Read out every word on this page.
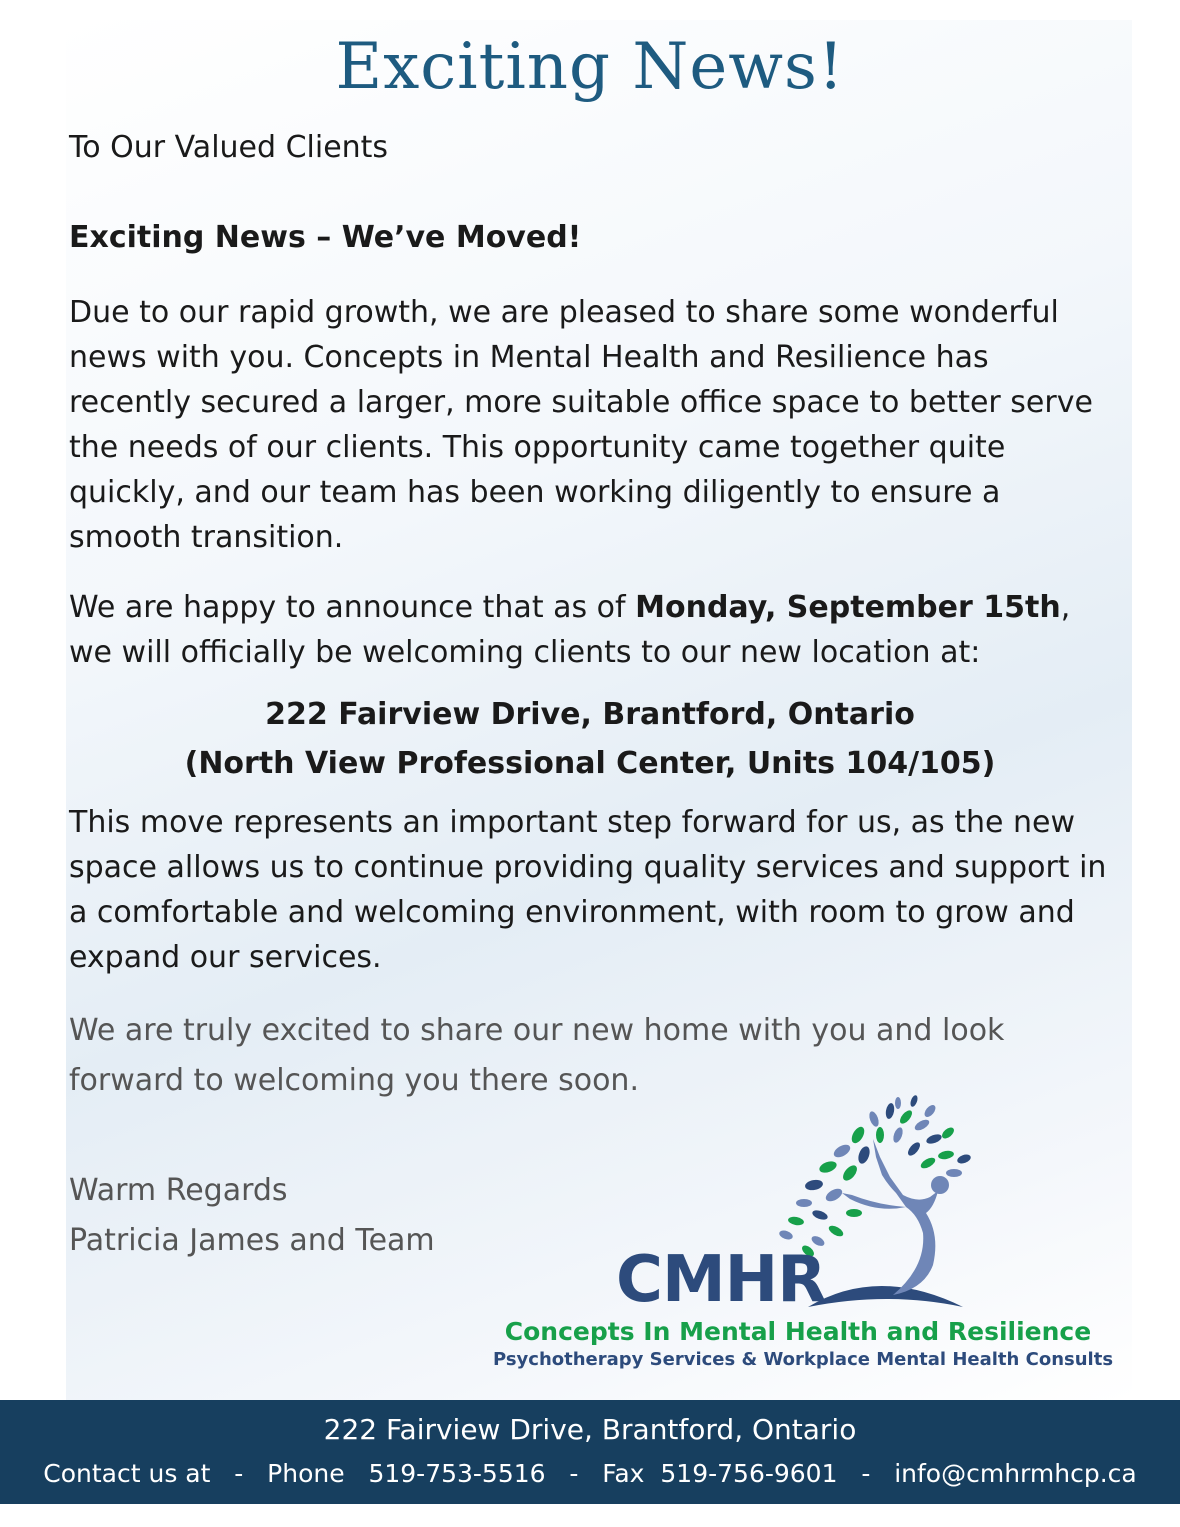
Exciting News!

To Our Valued Clients

Exciting News – We’ve Moved!

Due to our rapid growth, we are pleased to share some wonderful news with you. Concepts in Mental Health and Resilience has recently secured a larger, more suitable office space to better serve the needs of our clients. This opportunity came together quite quickly, and our team has been working diligently to ensure a smooth transition.

We are happy to announce that as of Monday, September 15th, we will officially be welcoming clients to our new location at:

222 Fairview Drive, Brantford, Ontario

(North View Professional Center, Units 104/105)

This move represents an important step forward for us, as the new space allows us to continue providing quality services and support in a comfortable and welcoming environment, with room to grow and expand our services.

We are truly excited to share our new home with you and look forward to welcoming you there soon.

Warm Regards

Patricia James and Team

CMHR

Concepts In Mental Health and Resilience

Psychotherapy Services & Workplace Mental Health Consults

222 Fairview Drive, Brantford, Ontario

Contact us at - Phone 519-753-5516 - Fax 519-756-9601 - info@cmhrmhcp.ca
